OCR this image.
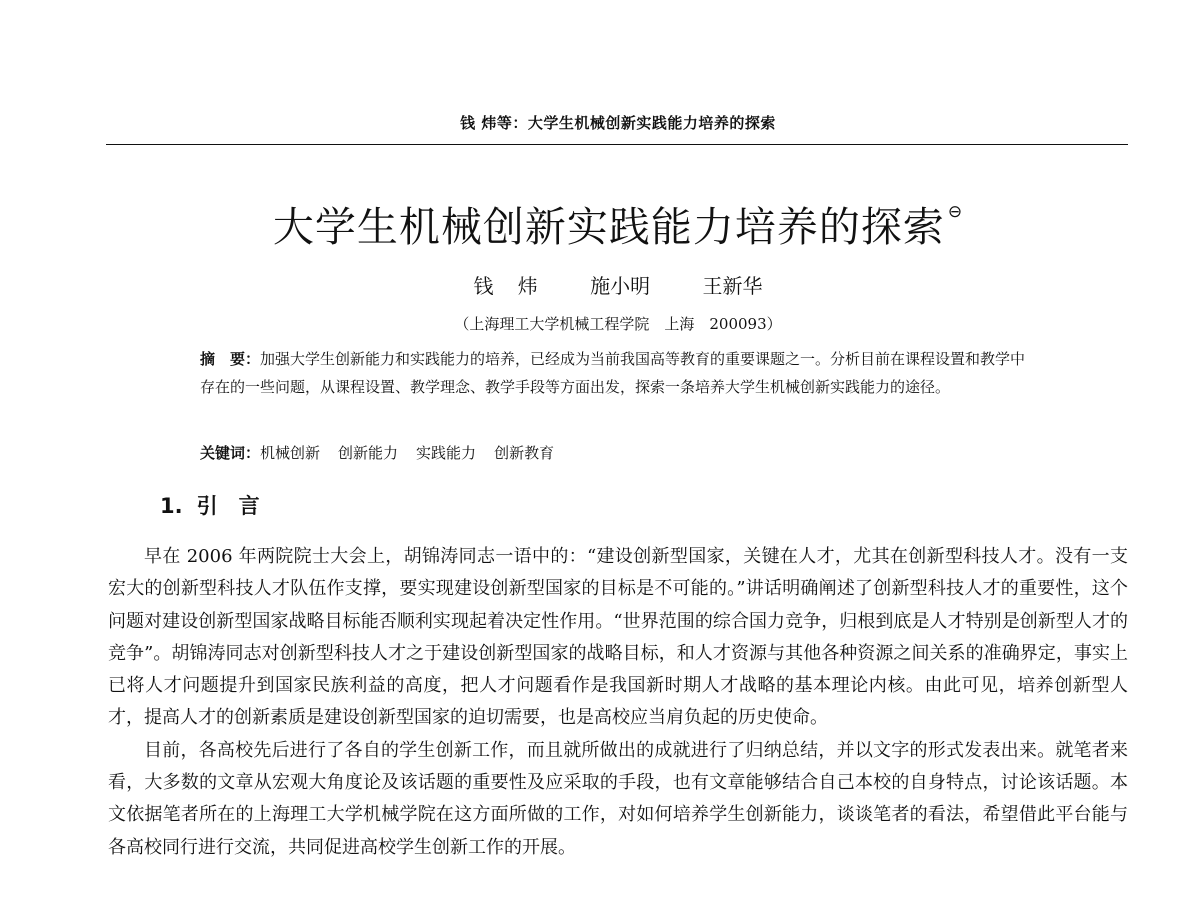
钱 炜等：大学生机械创新实践能力培养的探索
大学生机械创新实践能力培养的探索 ⊖
钱 炜	施小明	王新华
（上海理工大学机械工程学院　上海　200093）
摘　要：加强大学生创新能力和实践能力的培养，已经成为当前我国高等教育的重要课题之一。分析目前在课程设置和教学中存在的一些问题，从课程设置、教学理念、教学手段等方面出发，探索一条培养大学生机械创新实践能力的途径。
关键词：机械创新 创新能力 实践能力 创新教育
1. 引　言

早在 2006 年两院院士大会上，胡锦涛同志一语中的：“建设创新型国家，关键在人才，尤其在创新型科技人才。没有一支宏大的创新型科技人才队伍作支撑，要实现建设创新型国家的目标是不可能的。”讲话明确阐述了创新型科技人才的重要性，这个问题对建设创新型国家战略目标能否顺利实现起着决定性作用。“世界范围的综合国力竞争，归根到底是人才特别是创新型人才的竞争”。胡锦涛同志对创新型科技人才之于建设创新型国家的战略目标，和人才资源与其他各种资源之间关系的准确界定，事实上已将人才问题提升到国家民族利益的高度，把人才问题看作是我国新时期人才战略的基本理论内核。由此可见，培养创新型人才，提高人才的创新素质是建设创新型国家的迫切需要，也是高校应当肩负起的历史使命。

目前，各高校先后进行了各自的学生创新工作，而且就所做出的成就进行了归纳总结，并以文字的形式发表出来。就笔者来看，大多数的文章从宏观大角度论及该话题的重要性及应采取的手段，也有文章能够结合自己本校的自身特点，讨论该话题。本文依据笔者所在的上海理工大学机械学院在这方面所做的工作，对如何培养学生创新能力，谈谈笔者的看法，希望借此平台能与各高校同行进行交流，共同促进高校学生创新工作的开展。
